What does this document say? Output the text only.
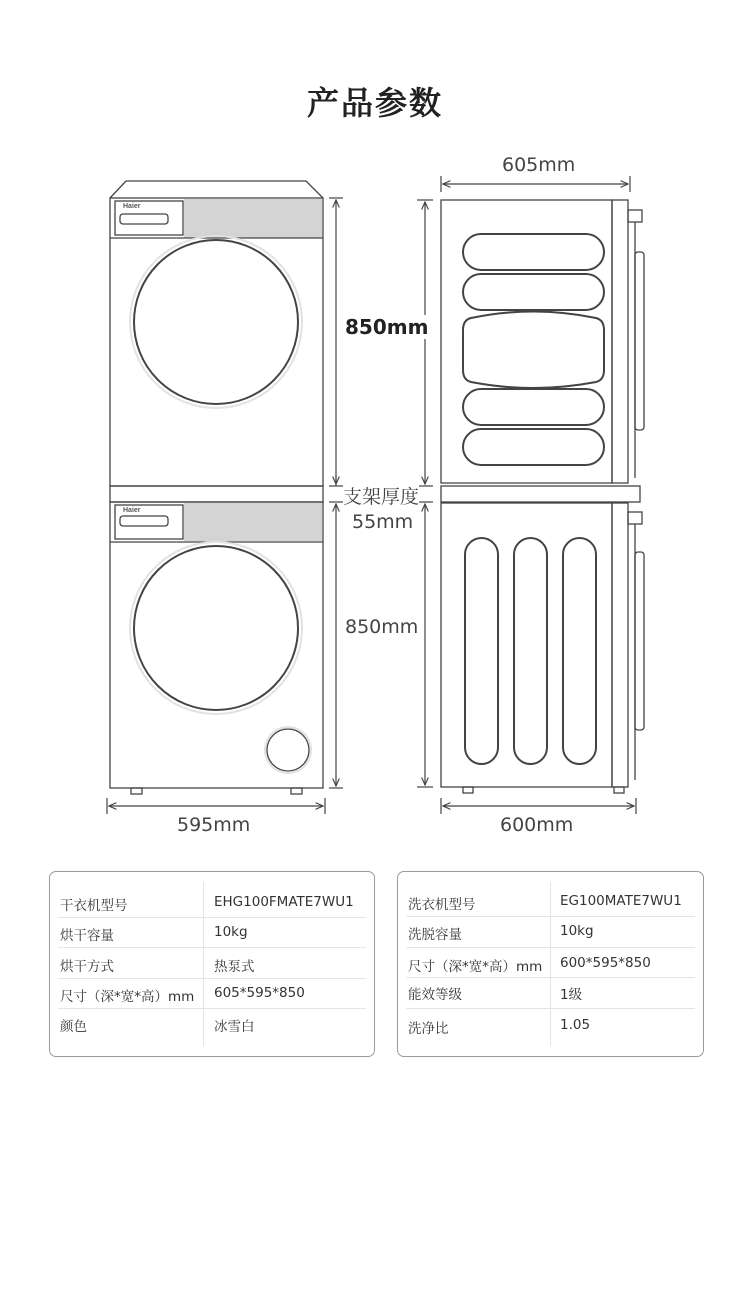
产品参数
Haier
Haier
605mm
850mm
支架厚度
55mm
850mm
595mm	600mm
干衣机型号	EHG100FMATE7WU1
烘干容量	10kg
烘干方式	热泵式
尺寸（深*宽*高）mm 605*595*850
颜色	冰雪白
洗衣机型号	EG100MATE7WU1
洗脱容量	10kg
尺寸（深*宽*高）mm 600*595*850
能效等级	1级
洗净比	1.05
